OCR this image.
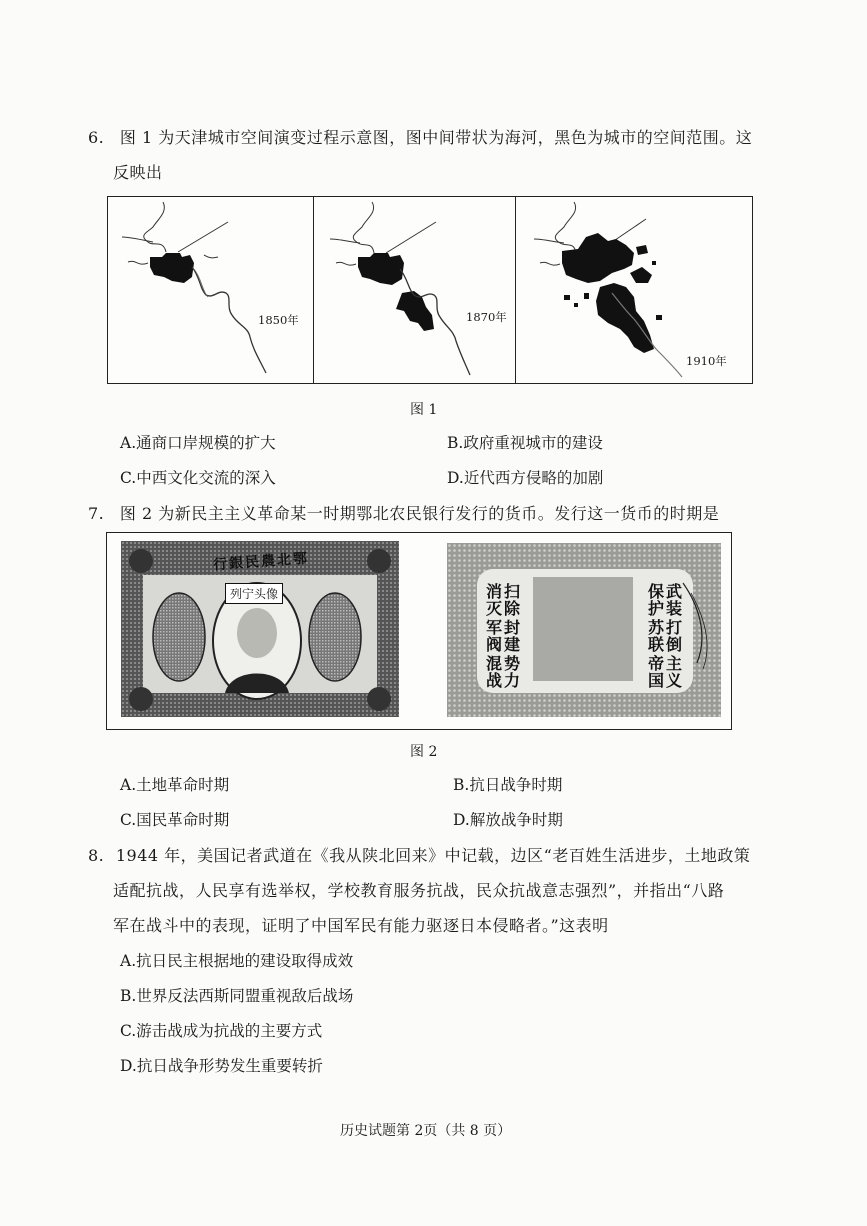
6. 图 1 为天津城市空间演变过程示意图，图中间带状为海河，黑色为城市的空间范围。这
反映出
1850年	1870年
1910年
图 1
A.通商口岸规模的扩大	B.政府重视城市的建设
C.中西文化交流的深入	D.近代西方侵略的加剧
7. 图 2 为新民主主义革命某一时期鄂北农民银行发行的货币。发行这一货币的时期是
行銀民農北鄂
列宁头像	消灭
扫除
军阀
封建
混战
势力
保护
武装
苏联
打倒
帝国
主义
图 2
A.土地革命时期	B.抗日战争时期
C.国民革命时期	D.解放战争时期
8. 1944 年，美国记者武道在《我从陕北回来》中记载，边区“老百姓生活进步，土地政策
适配抗战，人民享有选举权，学校教育服务抗战，民众抗战意志强烈”，并指出“八路
军在战斗中的表现，证明了中国军民有能力驱逐日本侵略者。”这表明
A.抗日民主根据地的建设取得成效
B.世界反法西斯同盟重视敌后战场
C.游击战成为抗战的主要方式
D.抗日战争形势发生重要转折
历史试题第 2页（共 8 页）
